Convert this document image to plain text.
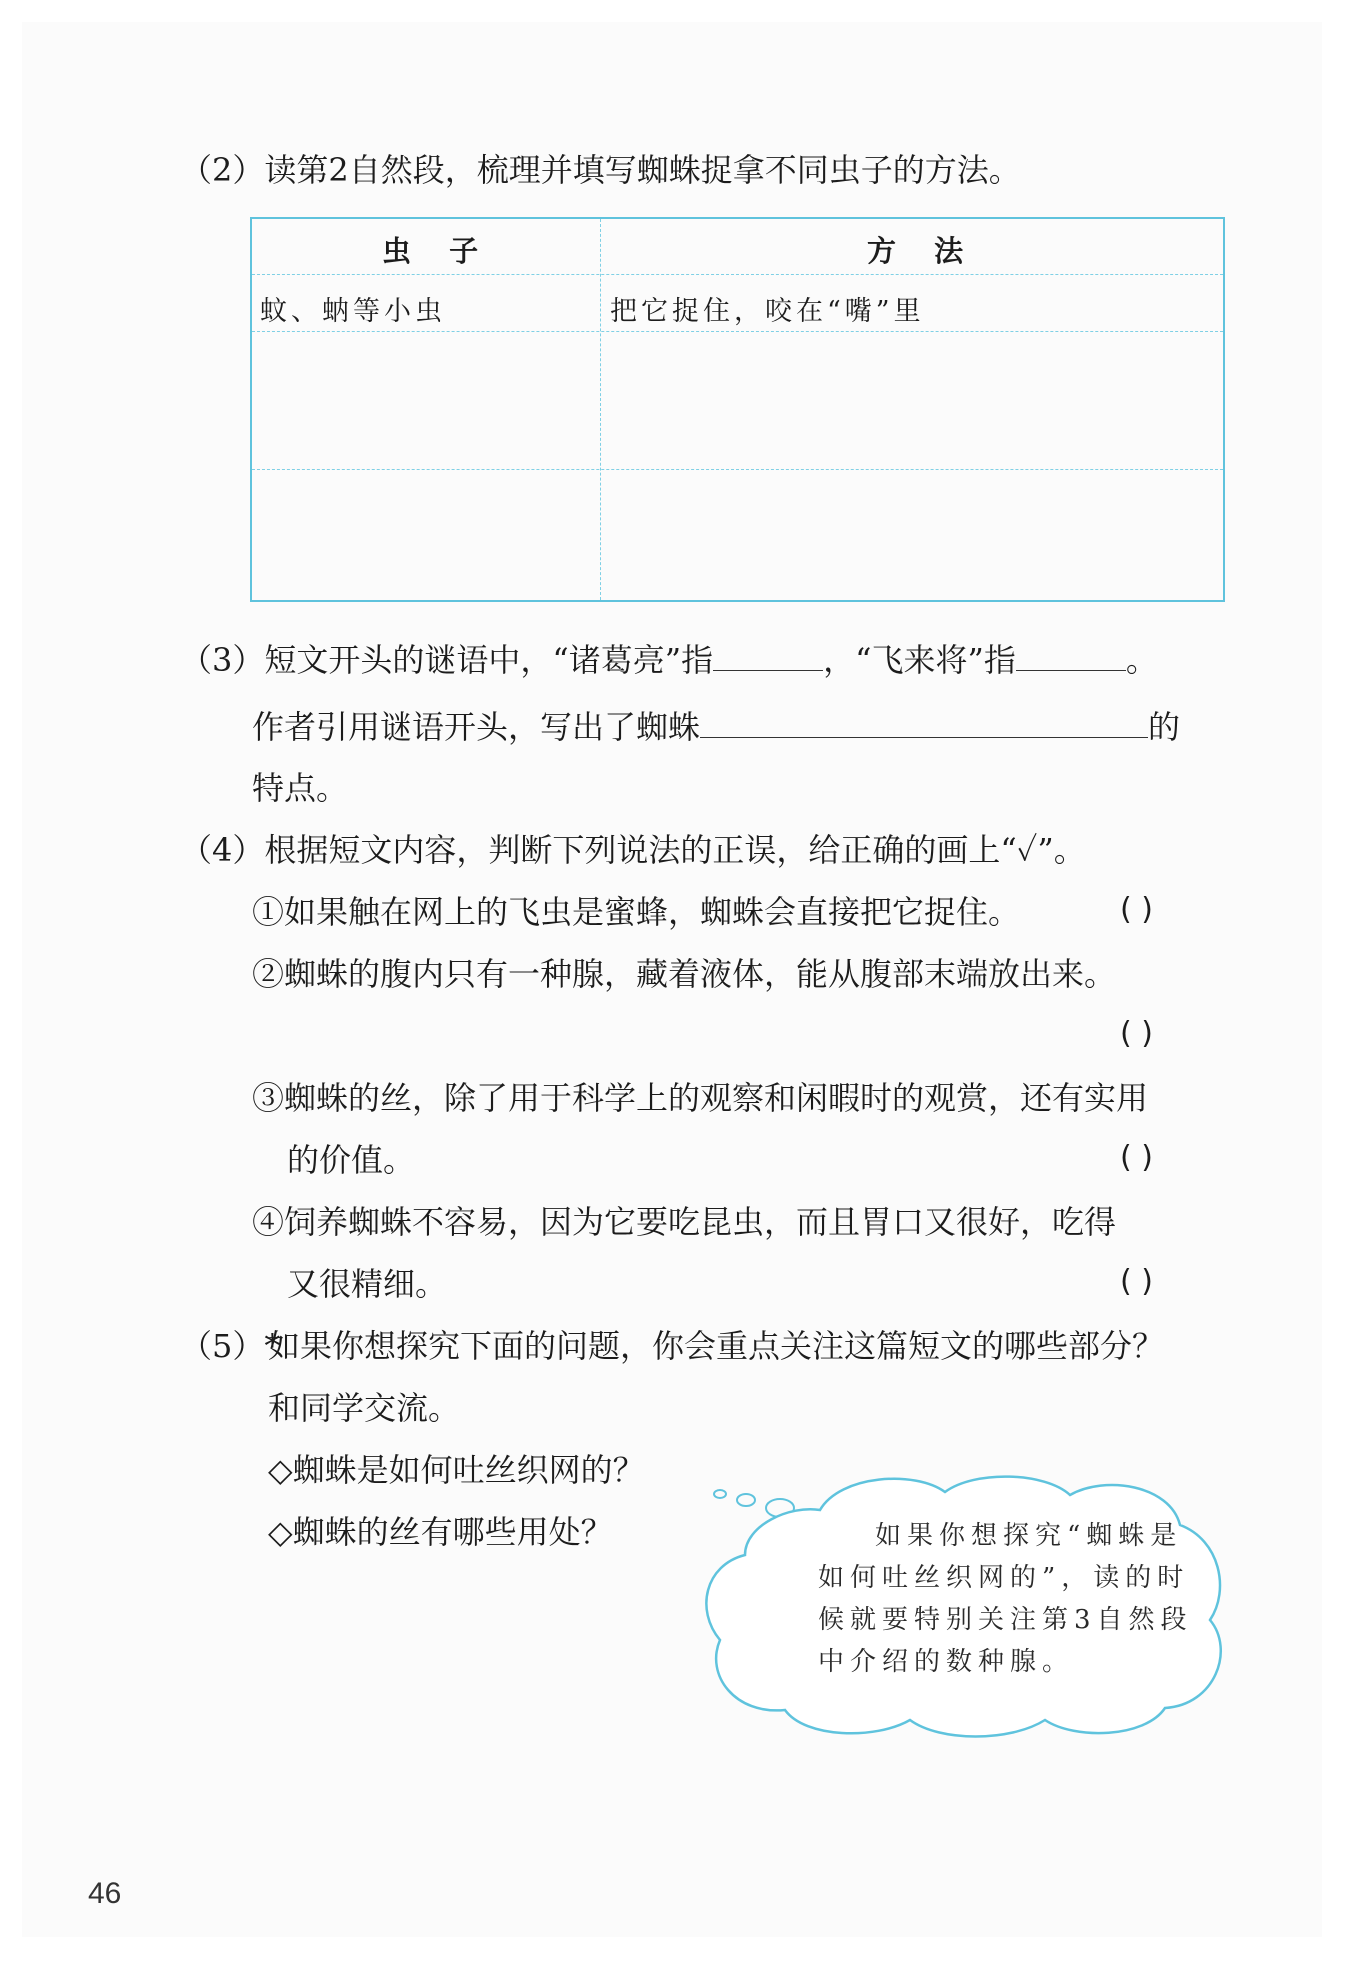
（2）读第2自然段，梳理并填写蜘蛛捉拿不同虫子的方法。
虫 子	方 法
蚊、蚋等小虫	把它捉住，咬在“嘴”里
（3）短文开头的谜语中，“诸葛亮”指	，“飞来将”指	。
作者引用谜语开头，写出了蜘蛛	的
特点。
（4）根据短文内容，判断下列说法的正误，给正确的画上“✓”。
①如果触在网上的飞虫是蜜蜂，蜘蛛会直接把它捉住。	( )
②蜘蛛的腹内只有一种腺，藏着液体，能从腹部末端放出来。
( )
③蜘蛛的丝，除了用于科学上的观察和闲暇时的观赏，还有实用
的价值。	( )
④饲养蜘蛛不容易，因为它要吃昆虫，而且胃口又很好，吃得
又很精细。	( )
（5）*
如果你想探究下面的问题，你会重点关注这篇短文的哪些部分？
和同学交流。
◇蜘蛛是如何吐丝织网的？
◇蜘蛛的丝有哪些用处？	如果你想探究“蜘蛛是
如何吐丝织网的”，读的时
候就要特别关注第3自然段
中介绍的数种腺。
46
